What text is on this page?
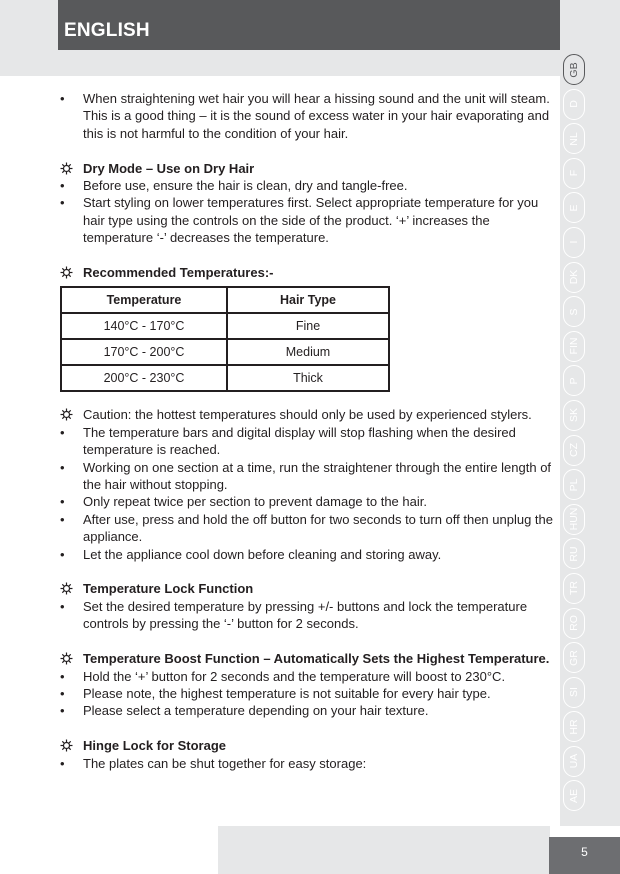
ENGLISH
GB
D
NL
F
E
I
DK
S
FIN
P
SK
CZ
PL
HUN
RU
TR
RO
GR
SI
HR
UA
AE
• When straightening wet hair you will hear a hissing sound and the unit will steam. This is a good thing – it is the sound of excess water in your hair evaporating and this is not harmful to the condition of your hair.
Dry Mode – Use on Dry Hair
• Before use, ensure the hair is clean, dry and tangle-free.
• Start styling on lower temperatures first. Select appropriate temperature for you hair type using the controls on the side of the product. ‘+’ increases the temperature ‘-’ decreases the temperature.
Recommended Temperatures:-
Temperature	Hair Type
140°C - 170°C	Fine
170°C - 200°C	Medium
200°C - 230°C	Thick
Caution: the hottest temperatures should only be used by experienced stylers.
• The temperature bars and digital display will stop flashing when the desired temperature is reached.
• Working on one section at a time, run the straightener through the entire length of the hair without stopping.
• Only repeat twice per section to prevent damage to the hair.
• After use, press and hold the off button for two seconds to turn off then unplug the appliance.
• Let the appliance cool down before cleaning and storing away.
Temperature Lock Function
• Set the desired temperature by pressing +/- buttons and lock the temperature controls by pressing the ‘-’ button for 2 seconds.
Temperature Boost Function – Automatically Sets the Highest Temperature.
• Hold the ‘+’ button for 2 seconds and the temperature will boost to 230°C.
• Please note, the highest temperature is not suitable for every hair type.
• Please select a temperature depending on your hair texture.
Hinge Lock for Storage
• The plates can be shut together for easy storage:
5
